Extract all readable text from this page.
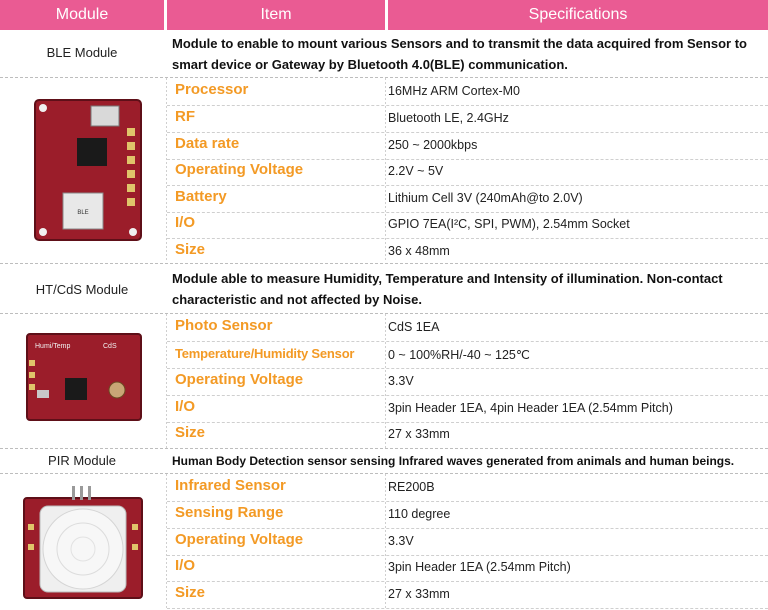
Module	Item	Specifications
BLE Module
Module to enable to mount various Sensors and to transmit the data acquired from Sensor to smart device or Gateway by Bluetooth 4.0(BLE) communication.
BLE
Processor	16MHz ARM Cortex-M0
RF	Bluetooth LE, 2.4GHz
Data rate	250 ~ 2000kbps
Operating Voltage	2.2V ~ 5V
Battery	Lithium Cell 3V (240mAh@to 2.0V)
I/O	GPIO 7EA(I²C, SPI, PWM), 2.54mm Socket
Size	36 x 48mm
HT/CdS Module
Module able to measure Humidity, Temperature and Intensity of illumination. Non-contact characteristic and not affected by Noise.
Humi/Temp	CdS
Photo Sensor	CdS 1EA
Temperature/Humidity Sensor	0 ~ 100%RH/-40 ~ 125℃
Operating Voltage	3.3V
I/O	3pin Header 1EA, 4pin Header 1EA (2.54mm Pitch)
Size	27 x 33mm
PIR Module	Human Body Detection sensor sensing Infrared waves generated from animals and human beings.
Infrared Sensor	RE200B
Sensing Range	110 degree
Operating Voltage	3.3V
I/O	3pin Header 1EA (2.54mm Pitch)
Size	27 x 33mm
